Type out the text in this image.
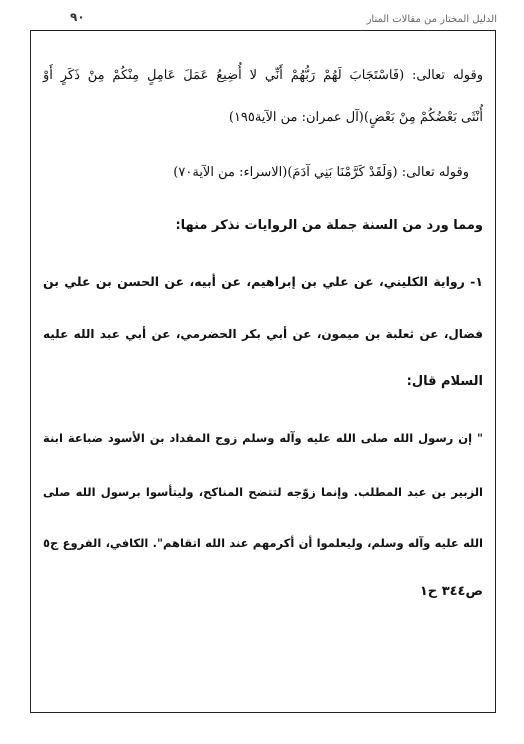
الدليل المختار من مقالات المنار
٩٠
وقوله تعالى: (فَاسْتَجَابَ لَهُمْ رَبُّهُمْ أَنِّي لا أُضِيعُ عَمَلَ عَامِلٍ مِنْكُمْ مِنْ ذَكَرٍ أَوْ
أُنْثَى بَعْضُكُمْ مِنْ بَعْضٍ)(آل عمران: من الآية١٩٥)
وقوله تعالى: (وَلَقَدْ كَرَّمْنَا بَنِي آدَمَ)(الاسراء: من الآية٧٠)
ومما ورد من السنة جملة من الروايات نذكر منها:
١- رواية الكليني، عن علي بن إبراهيم، عن أبيه، عن الحسن بن علي بن
فضال، عن ثعلبة بن ميمون، عن أبي بكر الحضرمي، عن أبي عبد الله عليه
السلام قال:
" إن رسول الله صلى الله عليه وآله وسلم زوج المقداد بن الأسود ضباعة ابنة
الزبير بن عبد المطلب. وإنما زوّجه لتتضح المناكح، وليتأسوا برسول الله صلى
الله عليه وآله وسلم، وليعلموا أن أكرمهم عند الله اتقاهم". الكافي، الفروع ج٥
ص٣٤٤ ح١
